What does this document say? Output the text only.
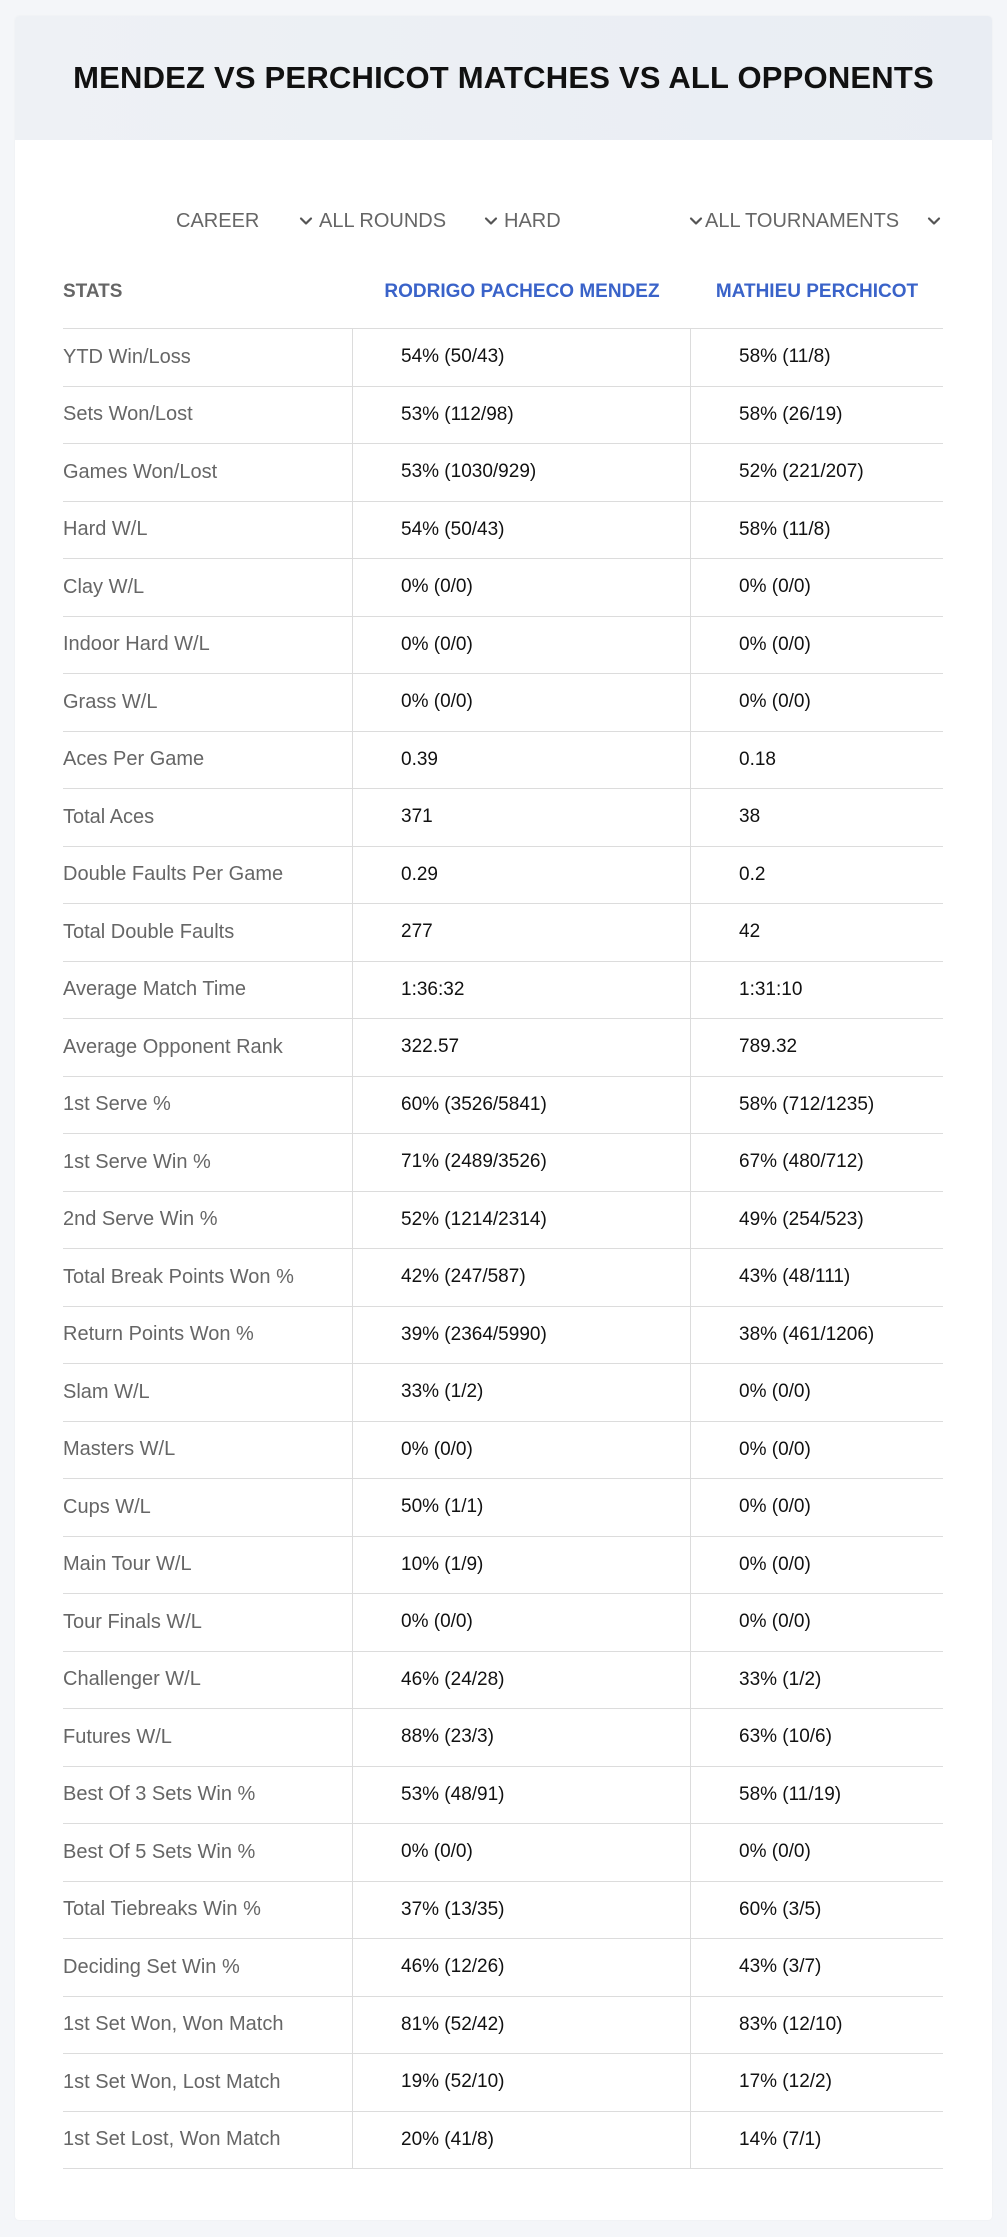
MENDEZ VS PERCHICOT MATCHES VS ALL OPPONENTS
CAREER	ALL ROUNDS	HARD	ALL TOURNAMENTS
STATS	RODRIGO PACHECO MENDEZ	MATHIEU PERCHICOT
YTD Win/Loss	54% (50/43)	58% (11/8)
Sets Won/Lost	53% (112/98)	58% (26/19)
Games Won/Lost	53% (1030/929)	52% (221/207)
Hard W/L	54% (50/43)	58% (11/8)
Clay W/L	0% (0/0)	0% (0/0)
Indoor Hard W/L	0% (0/0)	0% (0/0)
Grass W/L	0% (0/0)	0% (0/0)
Aces Per Game	0.39	0.18
Total Aces	371	38
Double Faults Per Game	0.29	0.2
Total Double Faults	277	42
Average Match Time	1:36:32	1:31:10
Average Opponent Rank	322.57	789.32
1st Serve %	60% (3526/5841)	58% (712/1235)
1st Serve Win %	71% (2489/3526)	67% (480/712)
2nd Serve Win %	52% (1214/2314)	49% (254/523)
Total Break Points Won %	42% (247/587)	43% (48/111)
Return Points Won %	39% (2364/5990)	38% (461/1206)
Slam W/L	33% (1/2)	0% (0/0)
Masters W/L	0% (0/0)	0% (0/0)
Cups W/L	50% (1/1)	0% (0/0)
Main Tour W/L	10% (1/9)	0% (0/0)
Tour Finals W/L	0% (0/0)	0% (0/0)
Challenger W/L	46% (24/28)	33% (1/2)
Futures W/L	88% (23/3)	63% (10/6)
Best Of 3 Sets Win %	53% (48/91)	58% (11/19)
Best Of 5 Sets Win %	0% (0/0)	0% (0/0)
Total Tiebreaks Win %	37% (13/35)	60% (3/5)
Deciding Set Win %	46% (12/26)	43% (3/7)
1st Set Won, Won Match	81% (52/42)	83% (12/10)
1st Set Won, Lost Match	19% (52/10)	17% (12/2)
1st Set Lost, Won Match	20% (41/8)	14% (7/1)
